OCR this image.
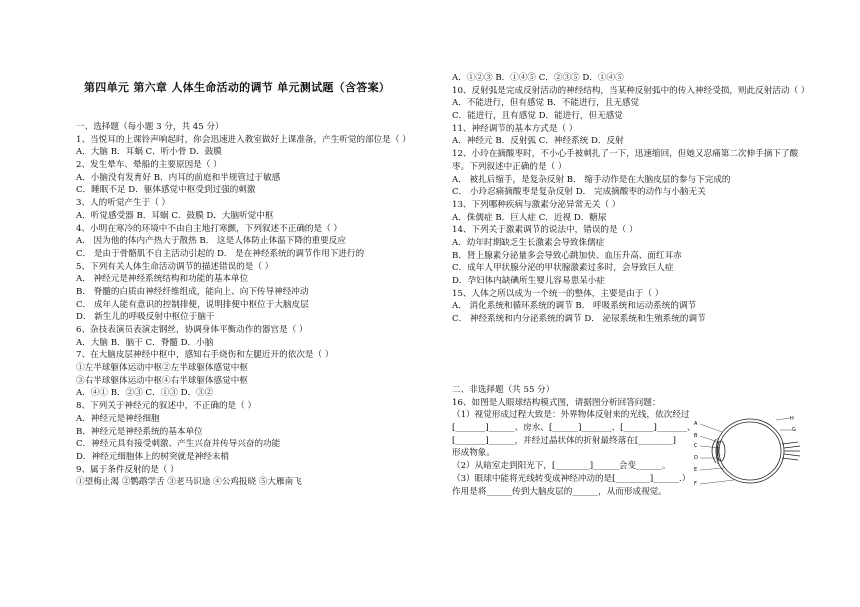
第四单元 第六章 人体生命活动的调节 单元测试题（含答案）
一、选择题（每小题 3 分，共 45 分）
1、当悦耳的上课铃声响起时，你会迅速进入教室做好上课准备，产生听觉的部位是（ ）
A．大脑 B．耳蜗 C．听小骨 D．鼓膜
2、发生晕车、晕船的主要原因是（ ）
A．小脑没有发育好 B．内耳的前庭和半规管过于敏感
C．睡眠不足 D．躯体感觉中枢受到过强的刺激
3、人的听觉产生于（ ）
A．听觉感受器 B．耳蜗 C．鼓膜 D．大脑听觉中枢
4、小明在寒冷的环境中不由自主地打寒颤，下列叙述不正确的是（ ）
A． 因为他的体内产热大于散热 B． 这是人体防止体温下降的重要反应
C． 是由于骨骼肌不自主活动引起的 D． 是在神经系统的调节作用下进行的
5、下列有关人体生命活动调节的描述错误的是（ ）
A． 神经元是神经系统结构和功能的基本单位
B． 脊髓的白质由神经纤维组成，能向上、向下传导神经冲动
C． 成年人能有意识的控制排便，说明排便中枢位于大脑皮层
D． 新生儿的呼吸反射中枢位于脑干
6、杂技表演员表演走钢丝，协调身体平衡动作的器官是（ ）
A．大脑 B．脑干 C．脊髓 D．小脑
7、在大脑皮层神经中枢中，感知右手烧伤和左腿近开的依次是（ ）
①左半球躯体运动中枢②左半球躯体感觉中枢
③右半球躯体运动中枢④右半球躯体感觉中枢
A．④① B．②③ C．①③ D．③②
8、下列关于神经元的叙述中，不正确的是（ ）
A．神经元是神经细胞
B．神经元是神经系统的基本单位
C．神经元具有接受刺激、产生兴奋并传导兴奋的功能
D．神经元细胞体上的树突就是神经末梢
9、属于条件反射的是（ ）
①望梅止渴 ②鹦鹉学舌 ③老马识途 ④公鸡报晓 ⑤大雁南飞
A．①②③ B．①④⑤ C．②③⑤ D．①④⑤
10、反射弧是完成反射活动的神经结构，当某种反射弧中的传入神经受损，则此反射活动（ ）
A．不能进行，但有感觉 B．不能进行，且无感觉
C．能进行，且有感觉 D．能进行，但无感觉
11、神经调节的基本方式是（ ）
A．神经元 B．反射弧 C．神经系统 D．反射
12、小玲在摘酸枣时，不小心手被刺扎了一下，迅速缩回，但她又忍痛第二次伸手摘下了酸
枣。下列叙述中正确的是（ ）
A． 被扎后缩手，是复杂反射 B． 缩手动作是在大脑皮层的参与下完成的
C． 小玲忍痛摘酸枣是复杂反射 D． 完成摘酸枣的动作与小脑无关
13、下列哪种疾病与激素分泌异常无关（ ）
A．侏儒症 B．巨人症 C．近视 D．糖尿
14、下列关于激素调节的说法中，错误的是（ ）
A．幼年时期缺乏生长激素会导致侏儒症
B．肾上腺素分泌量多会导致心跳加快、血压升高、面红耳赤
C．成年人甲状腺分泌的甲状腺激素过多时，会导致巨人症
D．孕妇体内缺碘所生婴儿容易患呆小症
15、人体之所以成为一个统一的整体，主要是由于（ ）
A． 消化系统和循环系统的调节 B． 呼吸系统和运动系统的调节
C． 神经系统和内分泌系统的调节 D． 泌尿系统和生殖系统的调节
二、非选择题（共 55 分）
16、如图是人眼球结构模式图，请据图分析回答问题：
（1）视觉形成过程大致是：外界物体反射来的光线，依次经过
[_______]______、房水、[______]_______、[_______]_______、
[_______]______，并经过晶状体的折射最终落在[________]
形成物象。
（2）从暗室走到阳光下，[________]______会变______。
（3）眼球中能将光线转变成神经冲动的是[________]______.）
作用是将______传到大脑皮层的______，从而形成视觉。
H
A
B
C
D
E
F
G
